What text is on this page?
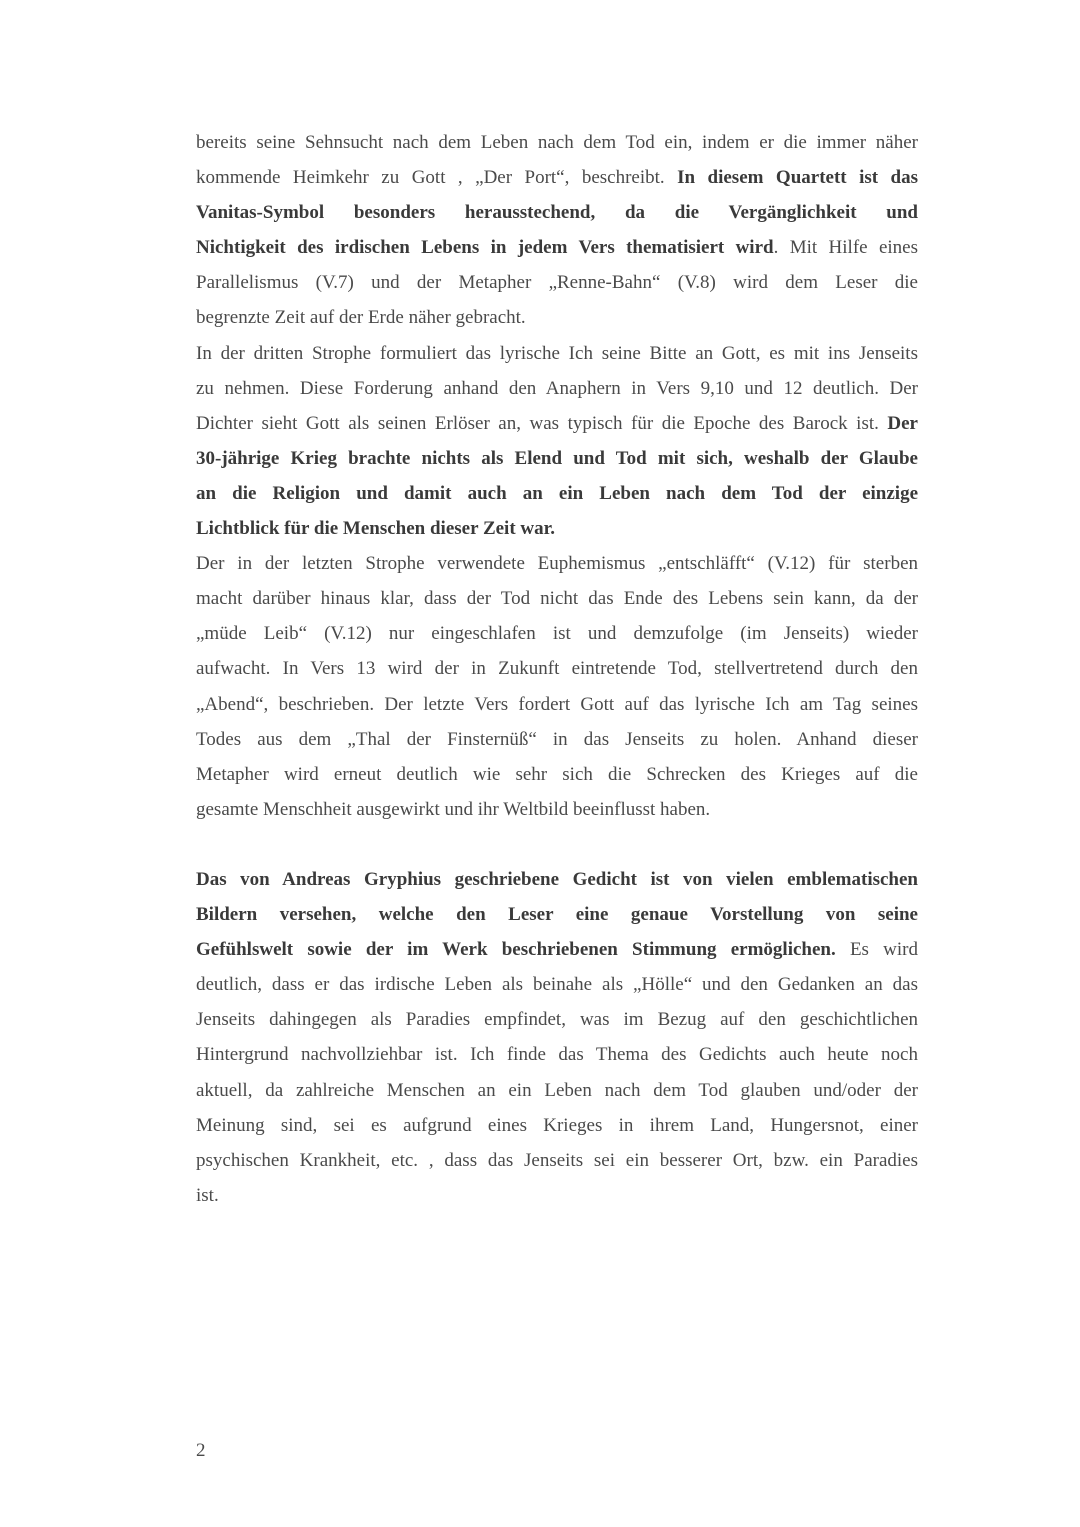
bereits seine Sehnsucht nach dem Leben nach dem Tod ein, indem er die immer näher
kommende Heimkehr zu Gott , „Der Port“, beschreibt. In diesem Quartett ist das
Vanitas-Symbol besonders herausstechend, da die Vergänglichkeit und
Nichtigkeit des irdischen Lebens in jedem Vers thematisiert wird. Mit Hilfe eines
Parallelismus (V.7) und der Metapher „Renne-Bahn“ (V.8) wird dem Leser die
begrenzte Zeit auf der Erde näher gebracht.
In der dritten Strophe formuliert das lyrische Ich seine Bitte an Gott, es mit ins Jenseits
zu nehmen. Diese Forderung anhand den Anaphern in Vers 9,10 und 12 deutlich. Der
Dichter sieht Gott als seinen Erlöser an, was typisch für die Epoche des Barock ist. Der
30-jährige Krieg brachte nichts als Elend und Tod mit sich, weshalb der Glaube
an die Religion und damit auch an ein Leben nach dem Tod der einzige
Lichtblick für die Menschen dieser Zeit war.
Der in der letzten Strophe verwendete Euphemismus „entschläfft“ (V.12) für sterben
macht darüber hinaus klar, dass der Tod nicht das Ende des Lebens sein kann, da der
„müde Leib“ (V.12) nur eingeschlafen ist und demzufolge (im Jenseits) wieder
aufwacht. In Vers 13 wird der in Zukunft eintretende Tod, stellvertretend durch den
„Abend“, beschrieben. Der letzte Vers fordert Gott auf das lyrische Ich am Tag seines
Todes aus dem „Thal der Finsternüß“ in das Jenseits zu holen. Anhand dieser
Metapher wird erneut deutlich wie sehr sich die Schrecken des Krieges auf die
gesamte Menschheit ausgewirkt und ihr Weltbild beeinflusst haben.
Das von Andreas Gryphius geschriebene Gedicht ist von vielen emblematischen
Bildern versehen, welche den Leser eine genaue Vorstellung von seine
Gefühlswelt sowie der im Werk beschriebenen Stimmung ermöglichen. Es wird
deutlich, dass er das irdische Leben als beinahe als „Hölle“ und den Gedanken an das
Jenseits dahingegen als Paradies empfindet, was im Bezug auf den geschichtlichen
Hintergrund nachvollziehbar ist. Ich finde das Thema des Gedichts auch heute noch
aktuell, da zahlreiche Menschen an ein Leben nach dem Tod glauben und/oder der
Meinung sind, sei es aufgrund eines Krieges in ihrem Land, Hungersnot, einer
psychischen Krankheit, etc. , dass das Jenseits sei ein besserer Ort, bzw. ein Paradies
ist.
2
